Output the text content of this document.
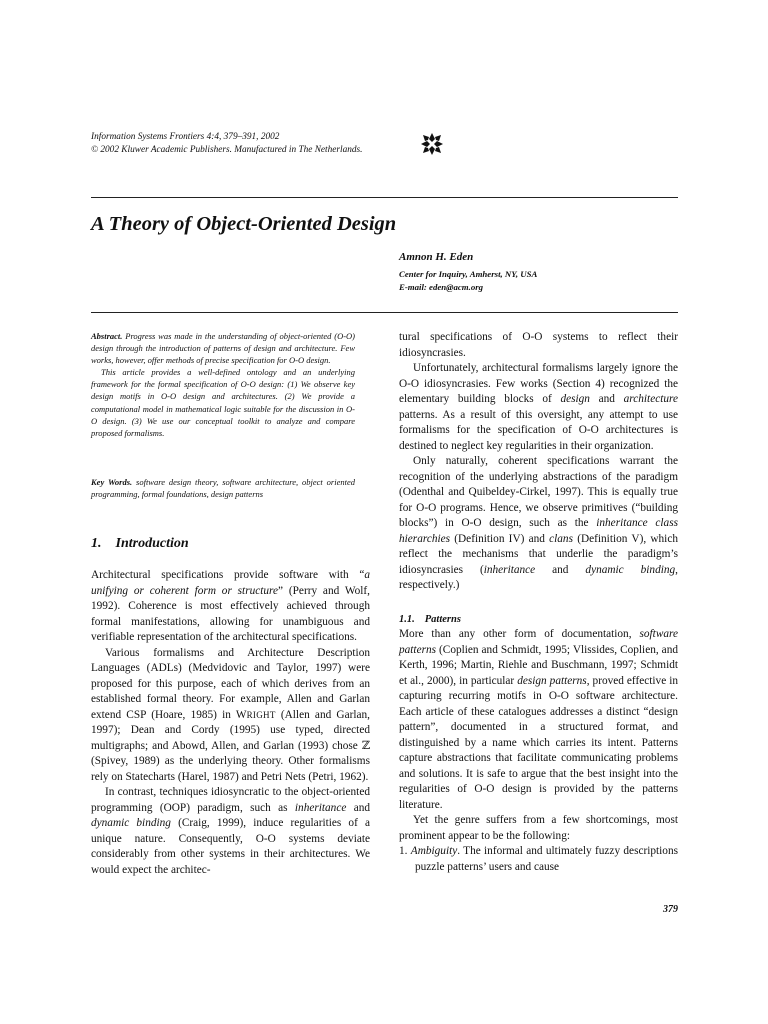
Information Systems Frontiers 4:4, 379–391, 2002
© 2002 Kluwer Academic Publishers. Manufactured in The Netherlands.
A Theory of Object-Oriented Design
Amnon H. Eden
Center for Inquiry, Amherst, NY, USA
E-mail: eden@acm.org

Abstract. Progress was made in the understanding of object-oriented (O-O) design through the introduction of patterns of design and architecture. Few works, however, offer methods of precise specification for O-O design.

This article provides a well-defined ontology and an underlying framework for the formal specification of O-O design: (1) We observe key design motifs in O-O design and architectures. (2) We provide a computational model in mathematical logic suitable for the discussion in O-O design. (3) We use our conceptual toolkit to analyze and compare proposed formalisms.

Key Words. software design theory, software architecture, object oriented programming, formal foundations, design patterns
1. Introduction

Architectural specifications provide software with “a unifying or coherent form or structure” (Perry and Wolf, 1992). Coherence is most effectively achieved through formal manifestations, allowing for unambiguous and verifiable representation of the architectural specifications.

Various formalisms and Architecture Description Languages (ADLs) (Medvidovic and Taylor, 1997) were proposed for this purpose, each of which derives from an established formal theory. For example, Allen and Garlan extend CSP (Hoare, 1985) in WRIGHT (Allen and Garlan, 1997); Dean and Cordy (1995) use typed, directed multigraphs; and Abowd, Allen, and Garlan (1993) chose ℤ (Spivey, 1989) as the underlying theory. Other formalisms rely on Statecharts (Harel, 1987) and Petri Nets (Petri, 1962).

In contrast, techniques idiosyncratic to the object-oriented programming (OOP) paradigm, such as inheritance and dynamic binding (Craig, 1999), induce regularities of a unique nature. Consequently, O-O systems deviate considerably from other systems in their architectures. We would expect the architec-

tural specifications of O-O systems to reflect their idiosyncrasies.

Unfortunately, architectural formalisms largely ignore the O-O idiosyncrasies. Few works (Section 4) recognized the elementary building blocks of design and architecture patterns. As a result of this oversight, any attempt to use formalisms for the specification of O-O architectures is destined to neglect key regularities in their organization.

Only naturally, coherent specifications warrant the recognition of the underlying abstractions of the paradigm (Odenthal and Quibeldey-Cirkel, 1997). This is equally true for O-O programs. Hence, we observe primitives (“building blocks”) in O-O design, such as the inheritance class hierarchies (Definition IV) and clans (Definition V), which reflect the mechanisms that underlie the paradigm’s idiosyncrasies (inheritance and dynamic binding, respectively.)

1.1. Patterns

More than any other form of documentation, software patterns (Coplien and Schmidt, 1995; Vlissides, Coplien, and Kerth, 1996; Martin, Riehle and Buschmann, 1997; Schmidt et al., 2000), in particular design patterns, proved effective in capturing recurring motifs in O-O software architecture. Each article of these catalogues addresses a distinct “design pattern”, documented in a structured format, and distinguished by a name which carries its intent. Patterns capture abstractions that facilitate communicating problems and solutions. It is safe to argue that the best insight into the regularities of O-O design is provided by the patterns literature.

Yet the genre suffers from a few shortcomings, most prominent appear to be the following:

1. Ambiguity. The informal and ultimately fuzzy descriptions puzzle patterns’ users and cause

379
